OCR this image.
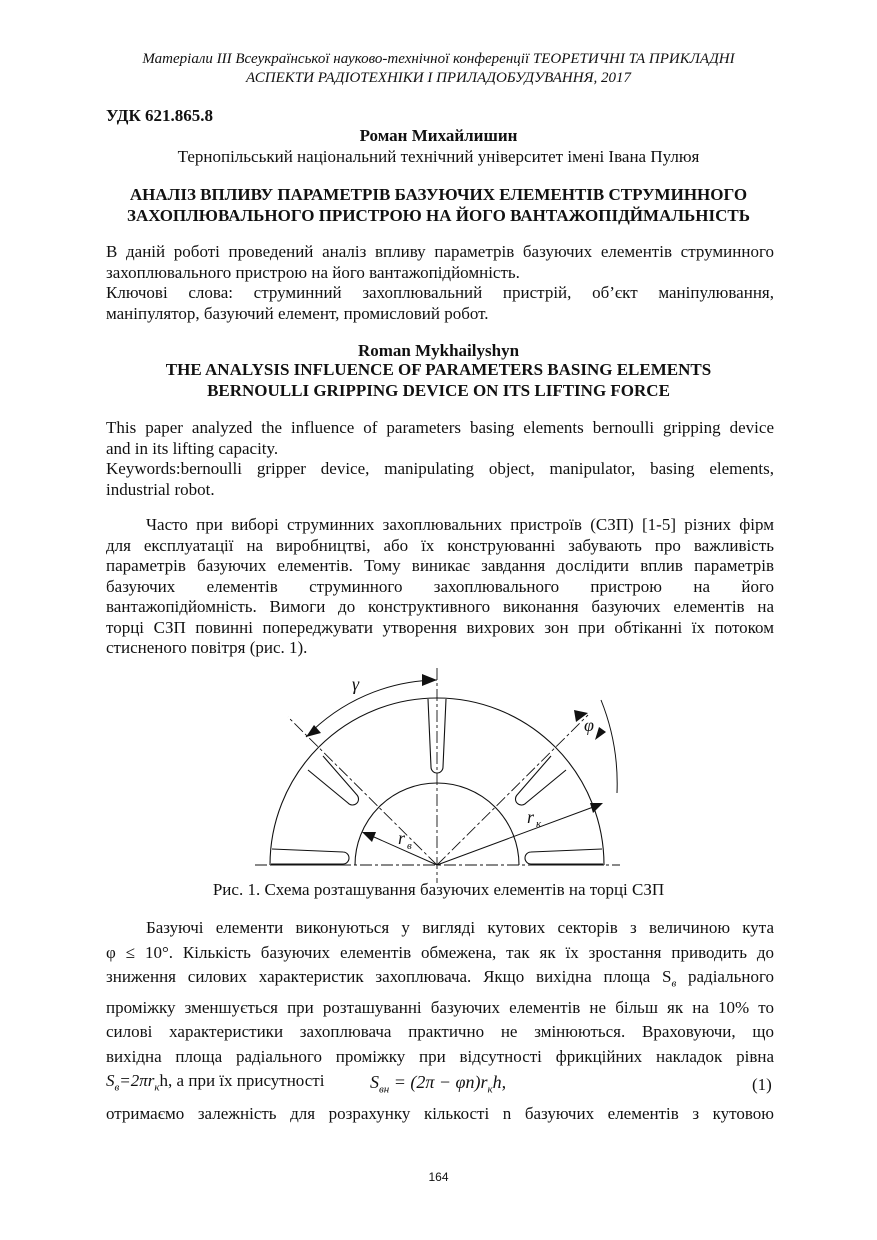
Матеріали III Всеукраїнської науково-технічної конференції ТЕОРЕТИЧНІ ТА ПРИКЛАДНІ
АСПЕКТИ РАДІОТЕХНІКИ І ПРИЛАДОБУДУВАННЯ, 2017
УДК 621.865.8
Роман Михайлишин
Тернопільський національний технічний університет імені Івана Пулюя
АНАЛІЗ ВПЛИВУ ПАРАМЕТРІВ БАЗУЮЧИХ ЕЛЕМЕНТІВ СТРУМИННОГО
ЗАХОПЛЮВАЛЬНОГО ПРИСТРОЮ НА ЙОГО ВАНТАЖОПІДЙМАЛЬНІСТЬ
В даній роботі проведений аналіз впливу параметрів базуючих елементів струминного
захоплювального пристрою на його вантажопідйомність.
Ключові слова: струминний захоплювальний пристрій, об’єкт маніпулювання,
маніпулятор, базуючий елемент, промисловий робот.
Roman Mykhailyshyn
THE ANALYSIS INFLUENCE OF PARAMETERS BASING ELEMENTS
BERNOULLI GRIPPING DEVICE ON ITS LIFTING FORCE
This paper analyzed the influence of parameters basing elements bernoulli gripping device
and in its lifting capacity.
Keywords:bernoulli gripper device, manipulating object, manipulator, basing elements,
industrial robot.
Часто при виборі струминних захоплювальних пристроїв (СЗП) [1-5] різних фірм
для експлуатації на виробництві, або їх конструюванні забувають про важливість
параметрів базуючих елементів. Тому виникає завдання дослідити вплив параметрів
базуючих елементів струминного захоплювального пристрою на його
вантажопідйомність. Вимоги до конструктивного виконання базуючих елементів на
торці СЗП повинні попереджувати утворення вихрових зон при обтіканні їх потоком
стисненого повітря (рис. 1).
γ
φ
r к
r в
Рис. 1. Схема розташування базуючих елементів на торці СЗП
Базуючі елементи виконуються у вигляді кутових секторів з величиною кута
φ ≤ 10°. Кількість базуючих елементів обмежена, так як їх зростання приводить до
зниження силових характеристик захоплювача. Якщо вихідна площа $S_в$ радіального
проміжку зменшується при розташуванні базуючих елементів не більш як на 10% то
силові характеристики захоплювача практично не змінюються. Враховуючи, що
вихідна площа радіального проміжку при відсутності фрикційних накладок рівна
$S_в=2\pi r_кh$, а при їх присутності	$S_{вн} = (2\pi - \varphi n)r_кh$,	(1)
отримаємо залежність для розрахунку кількості n базуючих елементів з кутовою
164
